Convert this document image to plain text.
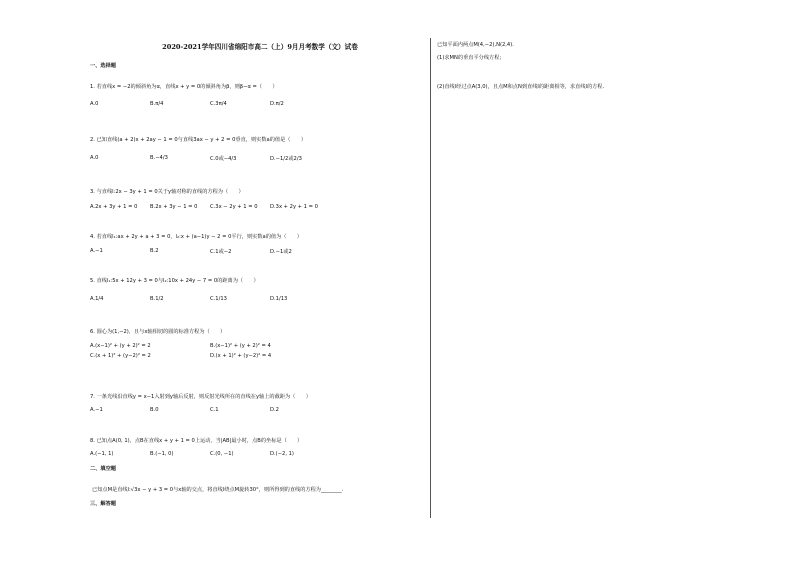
2020-2021学年四川省绵阳市高二（上）9月月考数学（文）试卷
一、选择题
1. 若直线x = −2的倾斜角为α，直线x + y = 0的倾斜角为β，则β−α =（　　）
A.0	B.π/4	C.3π/4	D.π/2
2. 已知直线(a + 2)x + 2ay − 1 = 0与直线3ax − y + 2 = 0垂直，则实数a的值是（　　）
A.0	B.−4/3	C.0或−4/3	D.−1/2或2/3
3. 与直线l:2x − 3y + 1 = 0关于y轴对称的直线的方程为（　　）
A.2x + 3y + 1 = 0 B.2x + 3y − 1 = 0 C.3x − 2y + 1 = 0 D.3x + 2y + 1 = 0
4. 若直线l₁:ax + 2y + a + 3 = 0，l₂:x + (a−1)y − 2 = 0平行，则实数a的值为（　　）
A.−1	B.2	C.1或−2	D.−1或2
5. 直线l₁:5x + 12y + 3 = 0与l₂:10x + 24y − 7 = 0的距离为（　　）
A.1/4	B.1/2	C.1/13	D.1/13
6. 圆心为(1,−2)，且与x轴相切的圆的标准方程为（　　）
A.(x−1)² + (y + 2)² = 2	B.(x−1)² + (y + 2)² = 4
C.(x + 1)² + (y−2)² = 2	D.(x + 1)² + (y−2)² = 4
7. 一条光线沿直线y = x−1入射到y轴后反射，则反射光线所在的直线在y轴上的截距为（　　）
A.−1	B.0	C.1	D.2
8. 已知点A(0, 1)，点B在直线x + y + 1 = 0上运动，当|AB|最小时，点B的坐标是（　　）
A.(−1, 1)	B.(−1, 0)	C.(0, −1)	D.(−2, 1)
二、填空题
已知点M是直线l:√3x − y + 3 = 0与x轴的交点，将直线l绕点M旋转30°，则所得到的直线的方程为________.
三、解答题
已知平面内两点M(4,−2),N(2,4).
(1)求MN的垂直平分线方程；
(2)直线l经过点A(3,0)，且点M和点N到直线l的距离相等，求直线l的方程.
